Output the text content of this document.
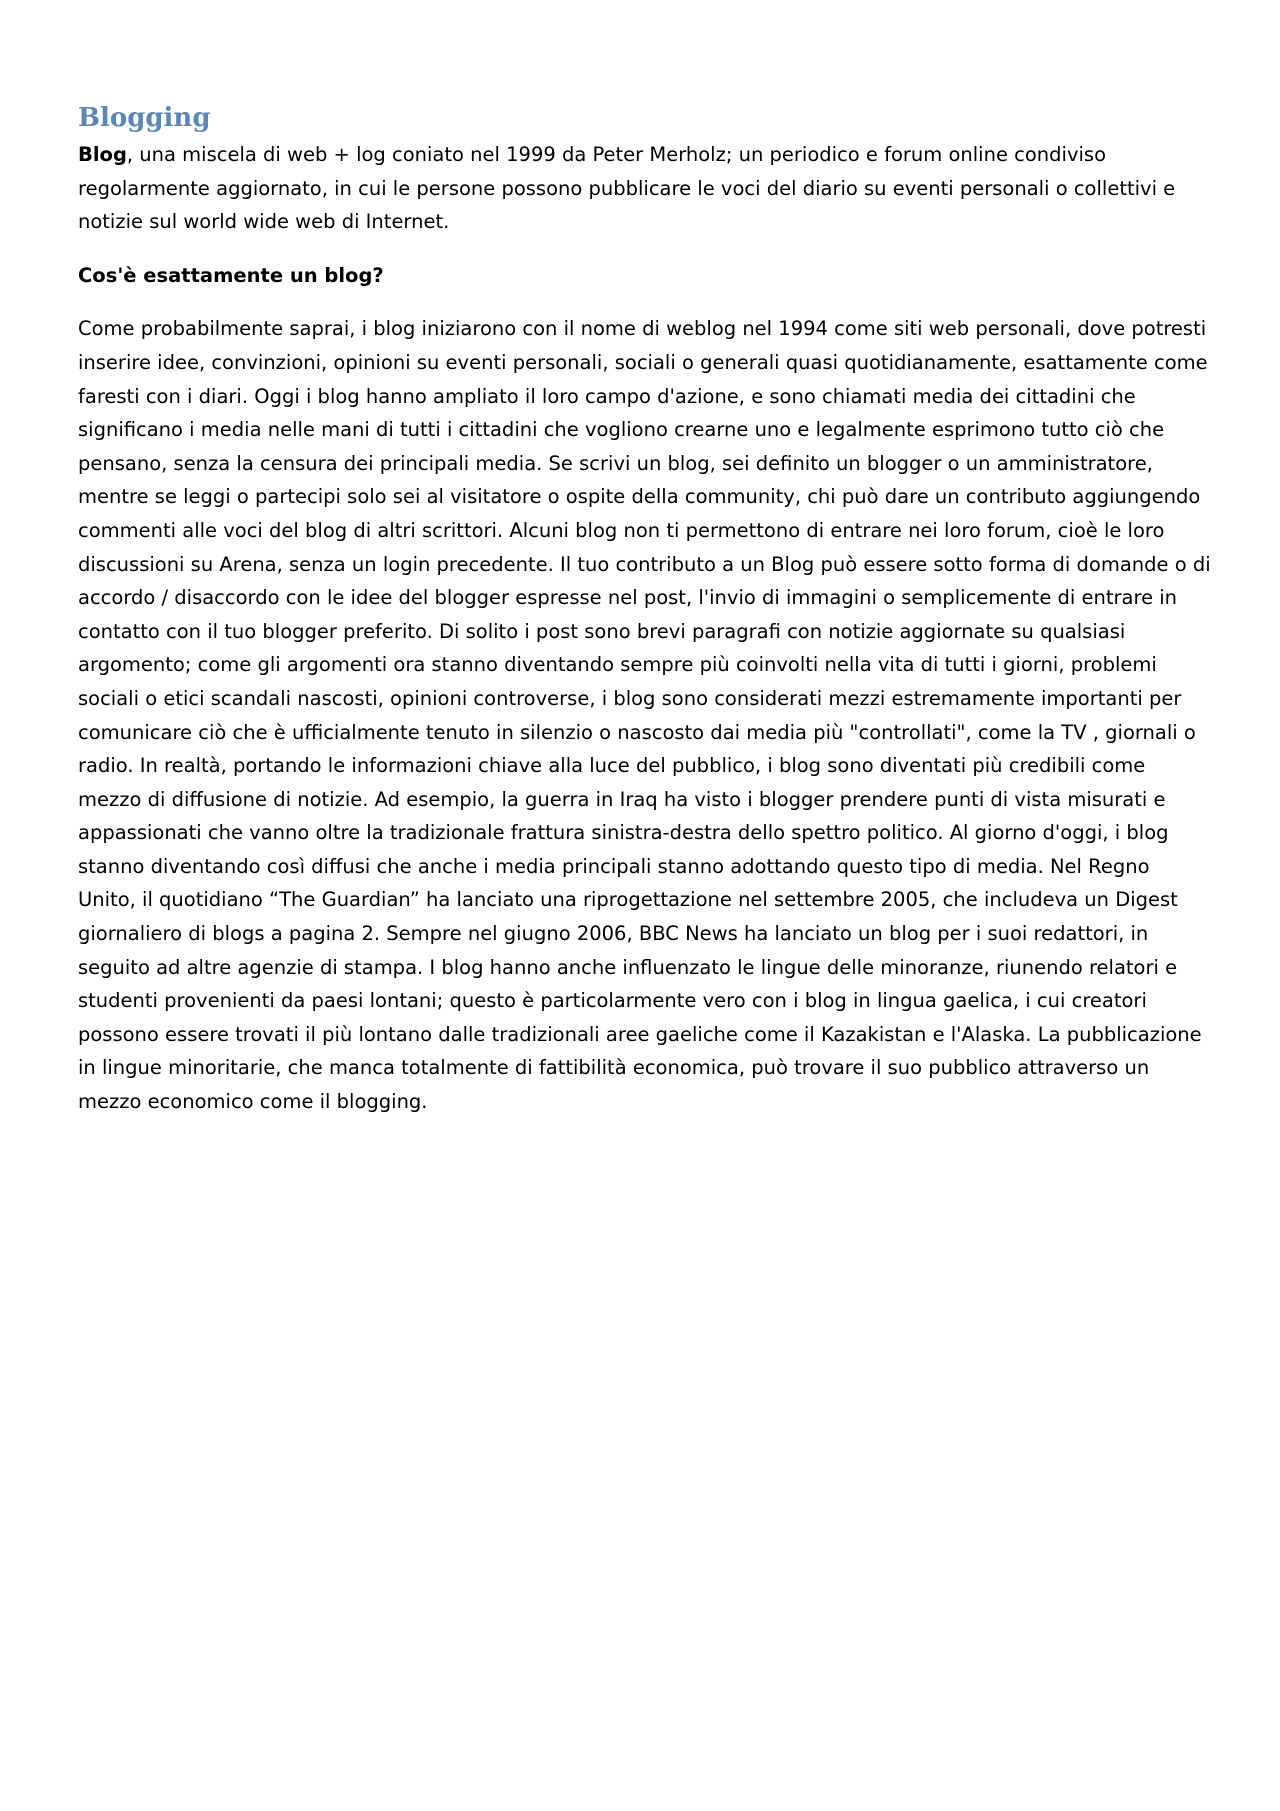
Blogging

Blog, una miscela di web + log coniato nel 1999 da Peter Merholz; un periodico e forum online condiviso regolarmente aggiornato, in cui le persone possono pubblicare le voci del diario su eventi personali o collettivi e notizie sul world wide web di Internet.

Cos'è esattamente un blog?

Come probabilmente saprai, i blog iniziarono con il nome di weblog nel 1994 come siti web personali, dove potresti inserire idee, convinzioni, opinioni su eventi personali, sociali o generali quasi quotidianamente, esattamente come faresti con i diari. Oggi i blog hanno ampliato il loro campo d'azione, e sono chiamati media dei cittadini che significano i media nelle mani di tutti i cittadini che vogliono crearne uno e legalmente esprimono tutto ciò che pensano, senza la censura dei principali media. Se scrivi un blog, sei definito un blogger o un amministratore, mentre se leggi o partecipi solo sei al visitatore o ospite della community, chi può dare un contributo aggiungendo commenti alle voci del blog di altri scrittori. Alcuni blog non ti permettono di entrare nei loro forum, cioè le loro discussioni su Arena, senza un login precedente. Il tuo contributo a un Blog può essere sotto forma di domande o di accordo / disaccordo con le idee del blogger espresse nel post, l'invio di immagini o semplicemente di entrare in contatto con il tuo blogger preferito. Di solito i post sono brevi paragrafi con notizie aggiornate su qualsiasi argomento; come gli argomenti ora stanno diventando sempre più coinvolti nella vita di tutti i giorni, problemi sociali o etici scandali nascosti, opinioni controverse, i blog sono considerati mezzi estremamente importanti per comunicare ciò che è ufficialmente tenuto in silenzio o nascosto dai media più "controllati", come la TV , giornali o radio. In realtà, portando le informazioni chiave alla luce del pubblico, i blog sono diventati più credibili come mezzo di diffusione di notizie. Ad esempio, la guerra in Iraq ha visto i blogger prendere punti di vista misurati e appassionati che vanno oltre la tradizionale frattura sinistra-destra dello spettro politico. Al giorno d'oggi, i blog stanno diventando così diffusi che anche i media principali stanno adottando questo tipo di media. Nel Regno Unito, il quotidiano “The Guardian” ha lanciato una riprogettazione nel settembre 2005, che includeva un Digest giornaliero di blogs a pagina 2. Sempre nel giugno 2006, BBC News ha lanciato un blog per i suoi redattori, in seguito ad altre agenzie di stampa. I blog hanno anche influenzato le lingue delle minoranze, riunendo relatori e studenti provenienti da paesi lontani; questo è particolarmente vero con i blog in lingua gaelica, i cui creatori possono essere trovati il più lontano dalle tradizionali aree gaeliche come il Kazakistan e l'Alaska. La pubblicazione in lingue minoritarie, che manca totalmente di fattibilità economica, può trovare il suo pubblico attraverso un mezzo economico come il blogging.
